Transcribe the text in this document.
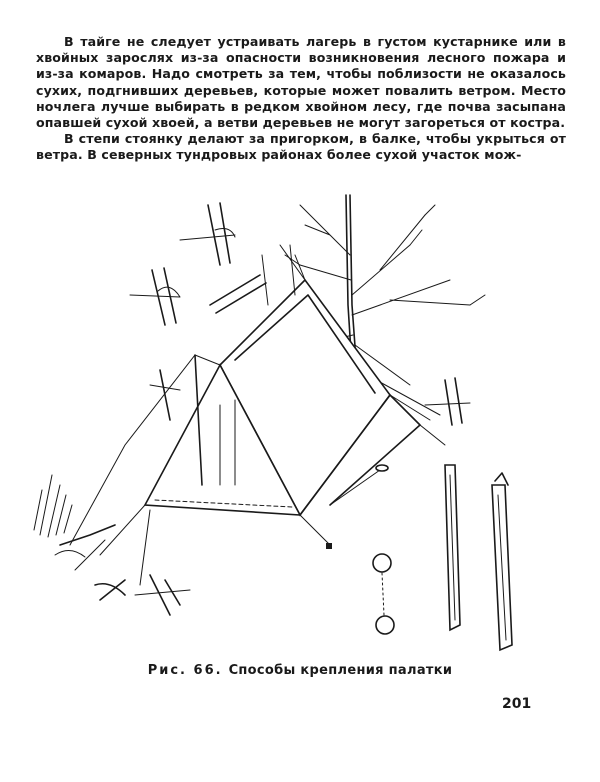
В тайге не следует устраивать лагерь в густом кустарнике или в хвойных зарослях из-за опасности возникновения лесного пожара и из-за комаров. Надо смотреть за тем, чтобы поблизости не оказалось сухих, подгнивших деревьев, которые может повалить ветром. Место ночлега лучше выбирать в редком хвойном лесу, где почва засыпана опавшей сухой хвоей, а ветви деревьев не могут загореться от костра.

В степи стоянку делают за пригорком, в балке, чтобы укрыться от ветра. В северных тундровых районах более сухой участок мож-

Рис. 66. Способы крепления палатки
201
